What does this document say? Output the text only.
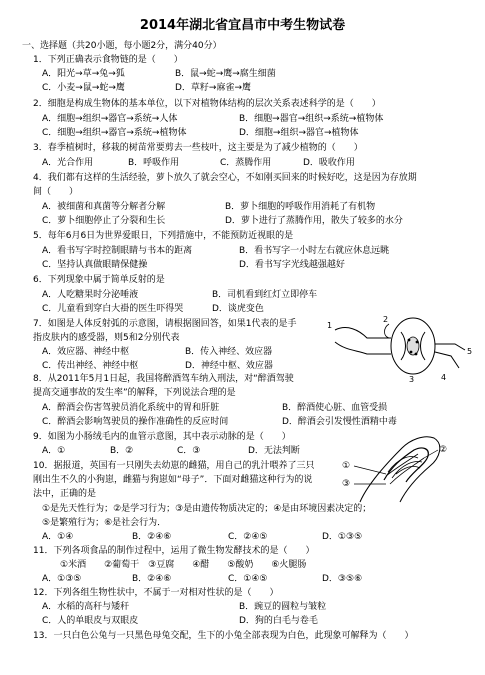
2014年湖北省宜昌市中考生物试卷
一、选择题（共20小题，每小题2分，满分40分）
1．下列正确表示食物链的是（　　）
A．阳光→草→兔→狐	B．鼠→蛇→鹰→腐生细菌
C．小麦→鼠→蛇→鹰	D．草籽→麻雀→鹰
2．细胞是构成生物体的基本单位，以下对植物体结构的层次关系表述科学的是（　　）
A．细胞→组织→器官→系统→人体	B．细胞→器官→组织→系统→植物体
C．细胞→组织→器官→系统→植物体	D．细胞→组织→器官→植物体
3．春季植树时，移栽的树苗常要剪去一些枝叶，这主要是为了减少植物的（　　）
A．光合作用	B．呼吸作用	C．蒸腾作用	D．吸收作用
4．我们都有这样的生活经验，萝卜放久了就会空心，不如刚买回来的时候好吃，这是因为存放期
间（　　）
A．被细菌和真菌等分解者分解	B．萝卜细胞的呼吸作用消耗了有机物
C．萝卜细胞停止了分裂和生长	D．萝卜进行了蒸腾作用，散失了较多的水分
5．每年6月6日为世界爱眼日，下列措施中，不能预防近视眼的是
A．看书写字时控制眼睛与书本的距离	B．看书写字一小时左右就应休息远眺
C．坚持认真做眼睛保健操	D．看书写字光线越强越好
6．下列现象中属于简单反射的是
A．人吃糖果时分泌唾液	B．司机看到红灯立即停车
C．儿童看到穿白大褂的医生吓得哭	D．谈虎变色
7．如图是人体反射弧的示意图，请根据图回答，如果1代表的是手
指皮肤内的感受器，则5和2分别代表
A．效应器、神经中枢	B．传入神经、效应器
C．传出神经、神经中枢	D．神经中枢、效应器
1
2
3	4
5
8．从2011年5月1日起，我国将醉酒驾车纳入刑法，对“醉酒驾驶
提高交通事故的发生率”的解释，下列说法合理的是
A．醉酒会伤害驾驶员消化系统中的胃和肝脏	B．醉酒使心脏、血管受损
C．醉酒会影响驾驶员的操作准确性的反应时间	D．醉酒会引发慢性酒精中毒
9．如图为小肠绒毛内的血管示意图，其中表示动脉的是（　　）
A．①	B．②	C．③	D．无法判断
①
③
②
10．据报道，英国有一只刚失去幼崽的雌猫，用自己的乳汁喂养了三只
刚出生不久的小狗崽，雌猫与狗崽如“母子”．下面对雌猫这种行为的说
法中，正确的是
①是先天性行为；②是学习行为；③是由遗传物质决定的；④是由环境因素决定的；
⑤是繁殖行为；⑥是社会行为．
A．①④	B．②④⑥	C．②④⑤	D．①③⑤
11．下列各项食品的制作过程中，运用了微生物发酵技术的是（　　）
①米酒　　②葡萄干　③豆腐　　④醋　　⑤酸奶　　⑥火腿肠
A．①③⑤	B．②④⑥	C．①④⑤	D．③⑤⑥
12．下列各组生物性状中，不属于一对相对性状的是（　　）
A．水稻的高秆与矮秆	B．豌豆的圆粒与皱粒
C．人的单眼皮与双眼皮	D．狗的白毛与卷毛
13．一只白色公兔与一只黑色母兔交配，生下的小兔全部表现为白色，此现象可解释为（　　）
